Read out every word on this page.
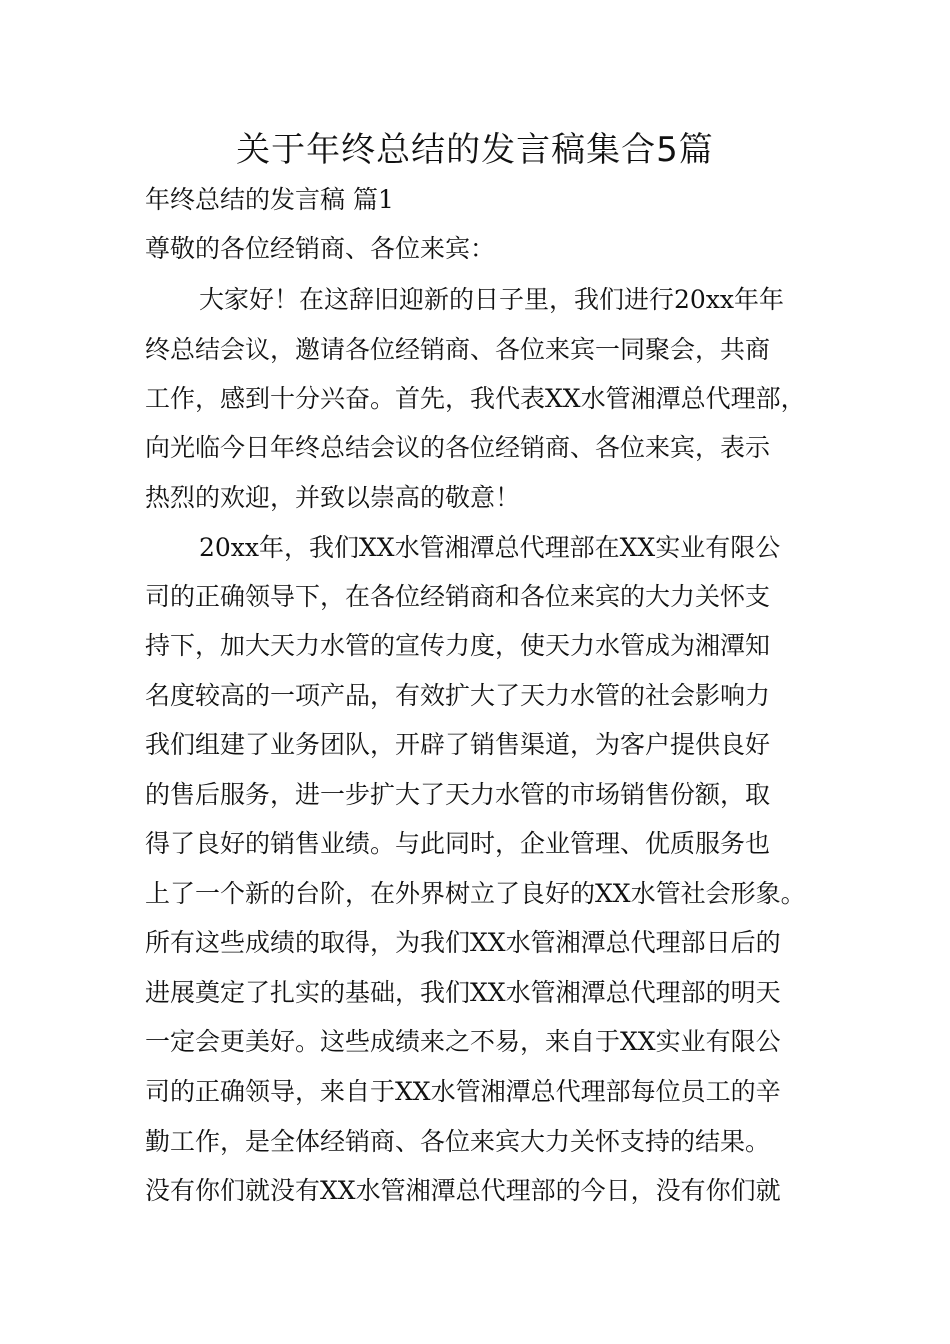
关于年终总结的发言稿集合5篇

年终总结的发言稿 篇1

尊敬的各位经销商、各位来宾：

大家好！在这辞旧迎新的日子里，我们进行20xx年年

终总结会议，邀请各位经销商、各位来宾一同聚会，共商

工作，感到十分兴奋。首先，我代表XX水管湘潭总代理部，

向光临今日年终总结会议的各位经销商、各位来宾，表示

热烈的欢迎，并致以崇高的敬意！

20xx年，我们XX水管湘潭总代理部在XX实业有限公

司的正确领导下，在各位经销商和各位来宾的大力关怀支

持下，加大天力水管的宣传力度，使天力水管成为湘潭知

名度较高的一项产品，有效扩大了天力水管的社会影响力

我们组建了业务团队，开辟了销售渠道，为客户提供良好

的售后服务，进一步扩大了天力水管的市场销售份额，取

得了良好的销售业绩。与此同时，企业管理、优质服务也

上了一个新的台阶，在外界树立了良好的XX水管社会形象。

所有这些成绩的取得，为我们XX水管湘潭总代理部日后的

进展奠定了扎实的基础，我们XX水管湘潭总代理部的明天

一定会更美好。这些成绩来之不易，来自于XX实业有限公

司的正确领导，来自于XX水管湘潭总代理部每位员工的辛

勤工作，是全体经销商、各位来宾大力关怀支持的结果。

没有你们就没有XX水管湘潭总代理部的今日，没有你们就
